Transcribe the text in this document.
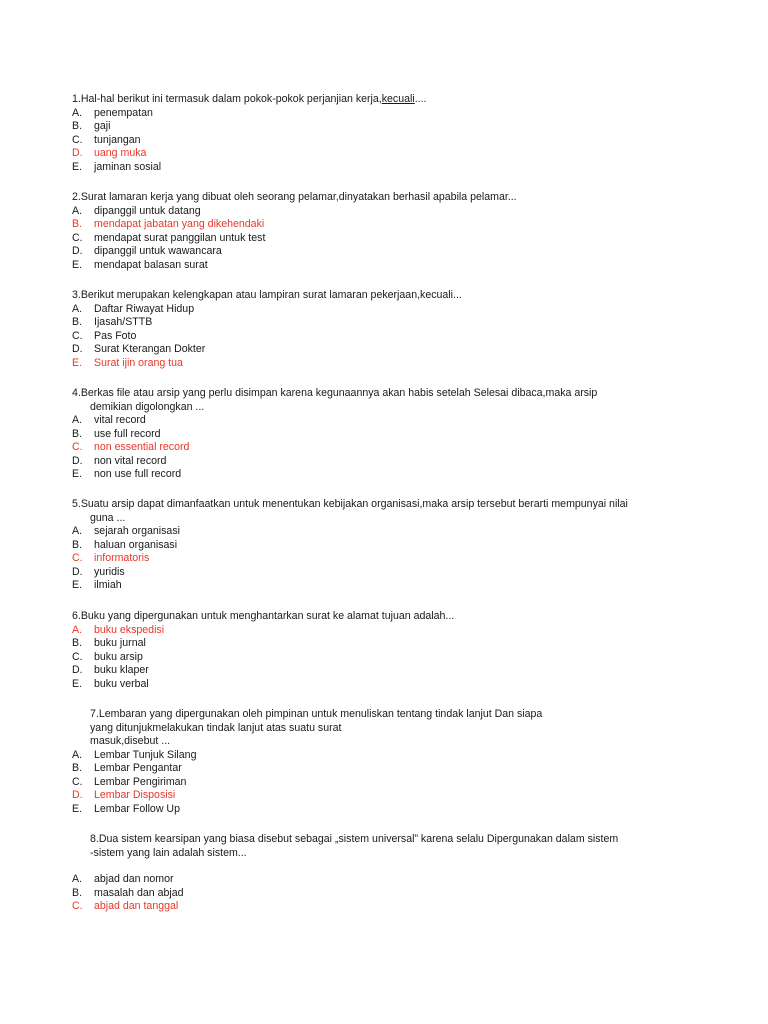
1.Hal-hal berikut ini termasuk dalam pokok-pokok perjanjian kerja,kecuali....
A. penempatan
B. gaji
C. tunjangan
D. uang muka
E. jaminan sosial
2.Surat lamaran kerja yang dibuat oleh seorang pelamar,dinyatakan berhasil apabila pelamar...
A. dipanggil untuk datang
B. mendapat jabatan yang dikehendaki
C. mendapat surat panggilan untuk test
D. dipanggil untuk wawancara
E. mendapat balasan surat
3.Berikut merupakan kelengkapan atau lampiran surat lamaran pekerjaan,kecuali...
A. Daftar Riwayat Hidup
B. Ijasah/STTB
C. Pas Foto
D. Surat Kterangan Dokter
E. Surat ijin orang tua
4.Berkas file atau arsip yang perlu disimpan karena kegunaannya akan habis setelah Selesai dibaca,maka arsip
demikian digolongkan ...
A. vital record
B. use full record
C. non essential record
D. non vital record
E. non use full record
5.Suatu arsip dapat dimanfaatkan untuk menentukan kebijakan organisasi,maka arsip tersebut berarti mempunyai nilai
guna ...
A. sejarah organisasi
B. haluan organisasi
C. informatoris
D. yuridis
E. ilmiah
6.Buku yang dipergunakan untuk menghantarkan surat ke alamat tujuan adalah...
A. buku ekspedisi
B. buku jurnal
C. buku arsip
D. buku klaper
E. buku verbal
7.Lembaran yang dipergunakan oleh pimpinan untuk menuliskan tentang tindak lanjut Dan siapa
yang ditunjukmelakukan tindak lanjut atas suatu surat
masuk,disebut ...
A. Lembar Tunjuk Silang
B. Lembar Pengantar
C. Lembar Pengiriman
D. Lembar Disposisi
E. Lembar Follow Up
8.Dua sistem kearsipan yang biasa disebut sebagai „sistem universal” karena selalu Dipergunakan dalam sistem
-sistem yang lain adalah sistem...
A. abjad dan nomor
B. masalah dan abjad
C. abjad dan tanggal
